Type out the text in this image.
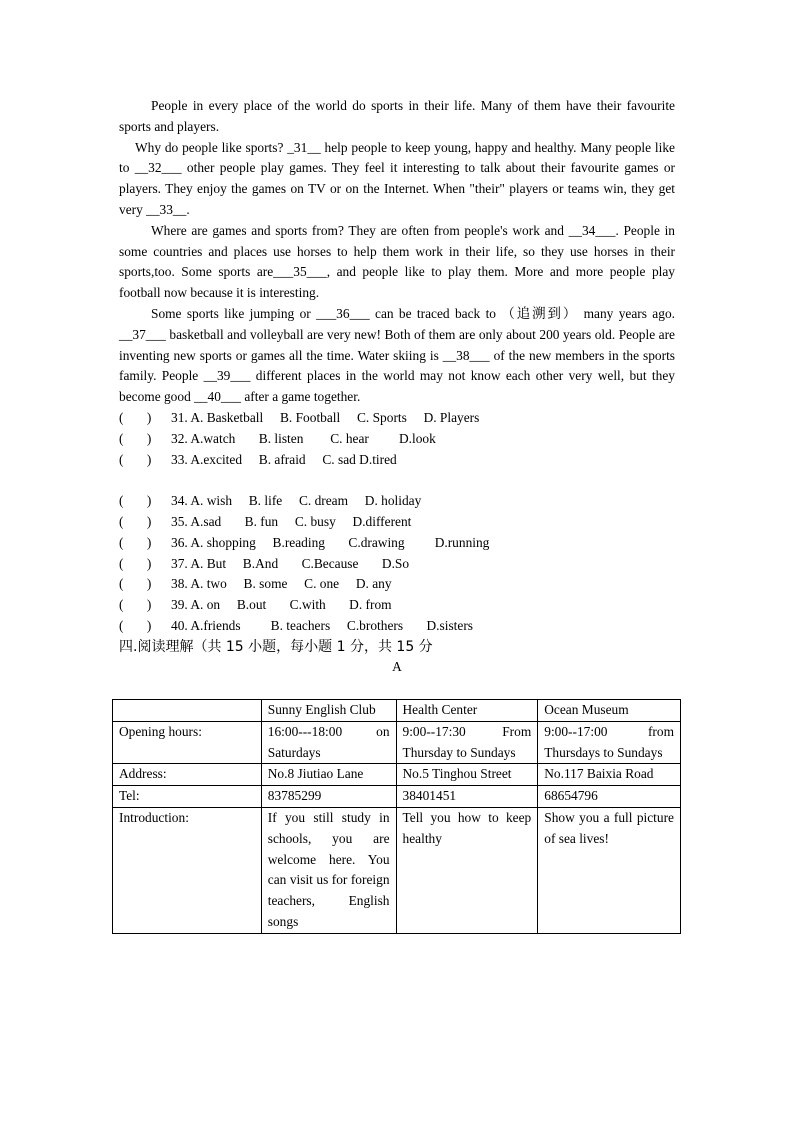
People in every place of the world do sports in their life. Many of them have their favourite sports and players.

Why do people like sports? _31__ help people to keep young, happy and healthy. Many people like to __32___ other people play games. They feel it interesting to talk about their favourite games or players. They enjoy the games on TV or on the Internet. When "their" players or teams win, they get very __33__.

Where are games and sports from? They are often from people's work and __34___. People in some countries and places use horses to help them work in their life, so they use horses in their sports,too. Some sports are___35___, and people like to play them. More and more people play football now because it is interesting.

Some sports like jumping or ___36___ can be traced back to （追溯到） many years ago. __37___ basketball and volleyball are very new! Both of them are only about 200 years old. People are inventing new sports or games all the time. Water skiing is __38___ of the new members in the sports family. People __39___ different places in the world may not know each other very well, but they become good __40___ after a game together.

(       ) 31. A. Basketball     B. Football     C. Sports     D. Players
(       ) 32. A.watch       B. listen        C. hear         D.look
(       ) 33. A.excited     B. afraid     C. sad D.tired
(       ) 34. A. wish     B. life     C. dream     D. holiday
(       ) 35. A.sad       B. fun     C. busy     D.different
(       ) 36. A. shopping     B.reading       C.drawing         D.running
(       ) 37. A. But     B.And       C.Because       D.So
(       ) 38. A. two     B. some     C. one     D. any
(       ) 39. A. on     B.out       C.with       D. from
(       ) 40. A.friends         B. teachers     C.brothers       D.sisters

四.阅读理解（共 15 小题，每小题 1 分，共 15 分

A

	Sunny English Club	Health Center	Ocean Museum
Opening hours:	16:00---18:00 on Saturdays	9:00--17:30 From Thursday to Sundays	9:00--17:00 from Thursdays to Sundays
Address:	No.8 Jiutiao Lane	No.5 Tinghou Street	No.117 Baixia Road
Tel:	83785299	38401451	68654796
Introduction:	If you still study in schools, you are welcome here. You can visit us for foreign teachers, English songs	Tell you how to keep healthy	Show you a full picture of sea lives!
